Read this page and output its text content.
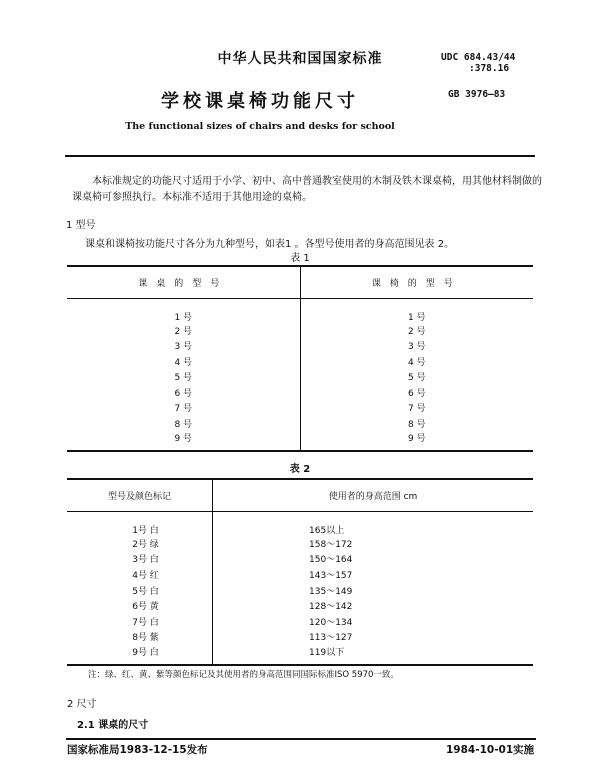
中华人民共和国国家标准	UDC 684.43/44
:378.16
GB 3976—83
学校课桌椅功能尺寸
The functional sizes of chairs and desks for school
本标准规定的功能尺寸适用于小学、初中、高中普通教室使用的木制及铁木课桌椅，用其他材料制做的课桌椅可参照执行。本标准不适用于其他用途的桌椅。
1 型号
课桌和课椅按功能尺寸各分为九种型号，如表1 。各型号使用者的身高范围见表 2。
表 1
课桌的型号	课椅的型号
1 号	1 号
2 号	2 号
3 号	3 号
4 号	4 号
5 号	5 号
6 号	6 号
7 号	7 号
8 号	8 号
9 号	9 号
表 2
型号及颜色标记	使用者的身高范围 cm
1号 白	165以上
2号 绿	158～172
3号 白	150～164
4号 红	143～157
5号 白	135～149
6号 黄	128～142
7号 白	120～134
8号 紫	113～127
9号 白	119以下
注：绿、红、黄、紫等颜色标记及其使用者的身高范围同国际标准ISO 5970一致。
2 尺寸
2.1 课桌的尺寸
国家标准局1983-12-15发布	1984-10-01实施
